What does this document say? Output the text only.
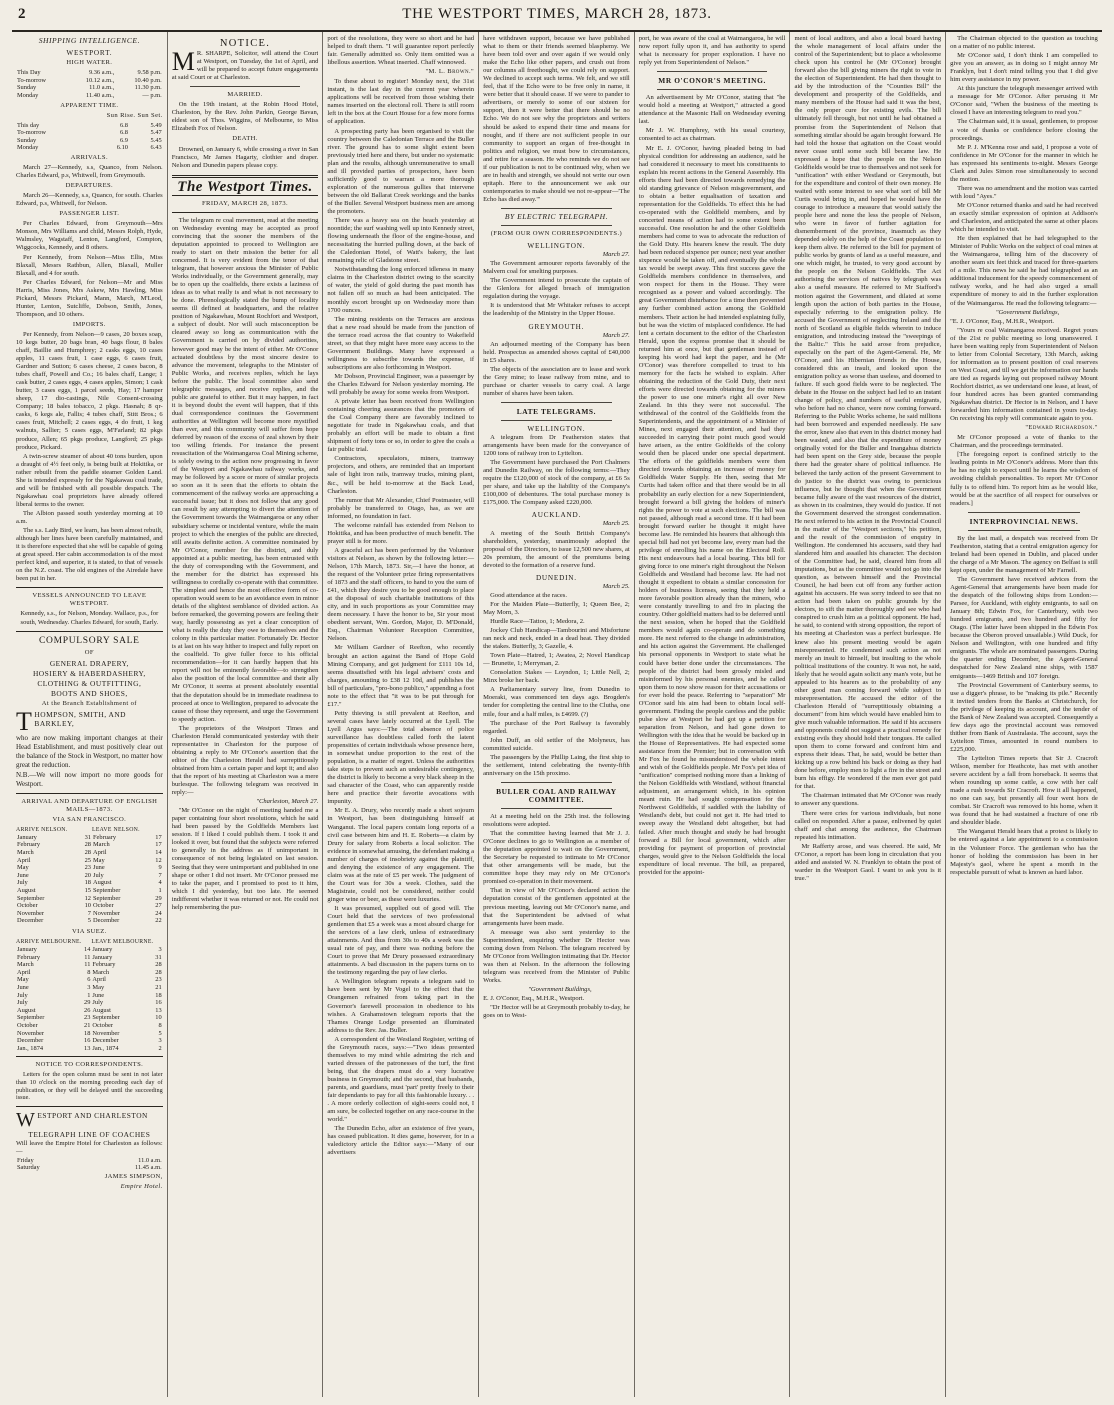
2	THE WESTPORT TIMES, MARCH 28, 1873.
SHIPPING INTELLIGENCE.
WESTPORT.
HIGH WATER.
This Day	9.36 a.m.,	9.58 p.m.
To-morrow	10.12 a.m.,	10.40 p.m.
Sunday	11.0 a.m.,	11.30 p.m.
Monday	11.40 a.m.,	— p.m.
APPARENT TIME.
Sun Rise. Sun Set.
This day	6.8	5.49
To-morrow	6.8	5.47
Sunday	6.9	5.45
Monday	6.10	6.43
ARRIVALS.

March 27—Kennedy, s.s, Quanco, from Nelson. Charles Edward, p.s, Whitwell, from Greymouth.

DEPARTURES.

March 26—Kennedy, s.s, Quanco, for south. Charles Edward, p.s, Whitwell, for Nelson.

PASSENGER LIST.

Per Charles Edward, from Greymouth—Mrs Monson, Mrs Williams and child, Messrs Rolph, Hyde, Walmsley, Wagstaff, Lenton, Langford, Compton, Wiggcocks, Kennedy, and 8 others.

Per Kennedy, from Nelson—Miss Ellis, Miss Blaxall, Messrs Rathbun, Allen, Blaxall, Muller Blaxall, and 4 for south.

Per Charles Edward, for Nelson—Mr and Miss Harris, Miss Jones, Mrs Askew, Mrs Hawling, Miss Pickard, Messrs Pickard, Mann, March, M'Leod, Hunter, Lenton, Sutcliffe, Dobson, Smith, Jones, Thompson, and 10 others.

IMPORTS.

Per Kennedy, from Nelson—9 cases, 20 boxes soap, 10 kegs butter, 20 bags bran, 40 bags flour, 8 bales chaff, Baillie and Humphrey; 2 casks eggs, 10 cases apples, 11 cases fruit, 1 case eggs, 6 cases fruit, Gardner and Sutton; 6 cases cheese, 2 cases bacon, 8 tubes chaff, Powell and Co.; 16 bales chaff, Lange; 1 cask butter, 2 cases eggs, 4 cases apples, Simon; 1 cask butter, 3 cases eggs, 1 parcel seeds, Hay; 17 hamper sheep, 17 dio-castings, Nile Consent-crossing Company; 18 bales tobacco, 2 pkgs. Hasnah; 8 qr-casks, 6 kegs ale, Fallis; 4 tubes chaff, Stitt Bros.; 6 cases fruit, Mitchell; 2 cases eggs, 4 do fruit, 1 keg walnuts, Sallier; 5 cases eggs, M'Farland; 82 pkgs produce, Allen; 65 pkgs produce, Langford; 25 pkgs produce, Pickard.

A twin-screw steamer of about 40 tons burden, upon a draught of 4½ feet only, is being built at Hokitika, or rather rebuilt from the paddle steamer Golden Land. She is intended expressly for the Ngakawau coal trade, and will be finished with all possible despatch. The Ngakawhau coal proprietors have already offered liberal terms to the owner.

The Albion passed south yesterday morning at 10 a.m.

The s.s. Lady Bird, we learn, has been almost rebuilt, although her lines have been carefully maintained, and it is therefore expected that she will be capable of going at great speed. Her cabin accommodation is of the most perfect kind, and superior, it is stated, to that of vessels on the N.Z. coast. The old engines of the Airedale have been put in her.

VESSELS ANNOUNCED TO LEAVE WESTPORT.

Kennedy, s.s., for Nelson, Monday. Wallace, p.s., for south, Wednesday. Charles Edward, for south, Early.

COMPULSORY SALE
OF
GENERAL DRAPERY,
HOSIERY & HABERDASHERY,
CLOTHING & OUTFITTING,
BOOTS AND SHOES,
At the Branch Establishment of
T HOMPSON, SMITH, AND BARKLEY,

who are now making important changes at their Head Establishment, and must positively clear out the balance of the Stock in Westport, no matter how great the reduction.

N.B.—We will now import no more goods for Westport.

ARRIVAL AND DEPARTURE OF ENGLISH MAILS—1873.
VIA SAN FRANCISCO.
ARRIVE NELSON.		LEAVE NELSON.	
January	31	February	17
February	28	March	17
March	28	April	14
April	25	May	12
May	23	June	9
June	20	July	7
July	18	August	4
August	15	September	1
September	12	September	29
October	10	October	27
November	7	November	24
December	5	December	22
VIA SUEZ.
ARRIVE MELBOURNE.		LEAVE MELBOURNE.	
January	14	January	3
February	11	January	31
March	11	February	28
April	8	March	28
May	6	April	23
June	3	May	21
July	1	June	18
July	29	July	16
August	26	August	13
September	23	September	10
October	21	October	8
November	18	November	5
December	16	December	3
Jan., 1874	13	Jan., 1874	2
NOTICE TO CORRESPONDENTS.

Letters for the open column must be sent in not later than 10 o'clock on the morning preceding each day of publication, or they will be delayed until the succeeding issue.

W ESTPORT AND CHARLESTON
TELEGRAPH LINE OF COACHES

Will leave the Empire Hotel for Charleston as follows:—

Friday	11.0 a.m.
Saturday	11.45 a.m.
JAMES SIMPSON,
Empire Hotel.
NOTICE.
M R. SHARPE, Solicitor, will attend the Court at Westport, on Tuesday, the 1st of April, and will be prepared to accept future engagements at said Court or at Charleston.
MARRIED.

On the 19th instant, at the Robin Hood Hotel, Charleston, by the Rev. John Parkin, George Bavan, eldest son of Thos. Wiggins, of Melbourne, to Miss Elizabeth Fox of Nelson.

DEATH.

Drowned, on January 6, while crossing a river in San Francisco, Mr James Hagarty, clothier and draper. Nelson and Dunedin papers please copy.

The Westport Times.
FRIDAY, MARCH 28, 1873.

The telegram re coal movement, read at the meeting on Wednesday evening may be accepted as proof convincing that the sooner the members of the deputation appointed to proceed to Wellington are ready to start on their mission the better for all concerned. It is very evident from the tenor of that telegram, that however anxious the Minister of Public Works individually, or the Government generally, may be to open up the coalfields, there exists a laziness of ideas as to what really is and what is not necessary to be done. Phrenologically stated the bump of locality seems ill defined at headquarters, and the relative position of Ngakawhau, Mount Rochfort and Westport, a subject of doubt. Nor will such misconception be cleared away so long as communication with the Government is carried on by divided authorities, however good may be the intent of either. Mr O'Conor actuated doubtless by the most sincere desire to advance the movement, telegraphs to the Minister of Public Works, and receives replies, which he lays before the public. The local committee also send telegraphic messages, and receive replies, and the public are grateful to either. But it may happen, in fact it is beyond doubt the event will happen, that if this dual correspondence continues the Government authorities at Wellington will become more mystified than ever, and this community will suffer from hope deferred by reason of the excess of zeal shown by their too willing friends. For instance the present resuscitation of the Waimangaroa Coal Mining scheme, is solely owing to the action now progressing in favor of the Westport and Ngakawhau railway works, and may be followed by a score or more of similar projects so soon as it is seen that the efforts to obtain the commencement of the railway works are approaching a successful issue; but it does not follow that any good can result by any attempting to divert the attention of the Government towards the Waimangaroa or any other subsidiary scheme or incidental venture, while the main project to which the energies of the public are directed, still awaits definite action. A committee nominated by Mr O'Conor, member for the district, and duly appointed at a public meeting, has been entrusted with the duty of corresponding with the Government, and the member for the district has expressed his willingness to cordially co-operate with that committee. The simplest and hence the most effective form of co-operation would seem to be an avoidance even in minor details of the slightest semblance of divided action. As before remarked, the governing powers are feeling their way, hardly possessing as yet a clear conception of what is really the duty they owe to themselves and the colony in this particular matter. Fortunately Dr. Hector is at last on his way hither to inspect and fully report on the coalfield. To give fuller force to his official recommendation—for it can hardly happen that his report will not be eminently favorable—to strengthen also the position of the local committee and their ally Mr O'Conor, it seems at present absolutely essential that the deputation should be in immediate readiness to proceed at once to Wellington, prepared to advocate the cause of those they represent, and urge the Government to speedy action.

The proprietors of the Westport Times and Charleston Herald communicated yesterday with their representative in Charleston for the purpose of obtaining a reply to Mr O'Conor's assertion that the editor of the Charleston Herald had surreptitiously obtained from him a certain paper and kept it; and also that the report of his meeting at Charleston was a mere burlesque. The following telegram was received in reply:—

"Charleston, March 27.

"Mr O'Conor on the night of meeting handed me a paper containing four short resolutions, which he said had been passed by the Goldfields Members last session. If I liked I could publish them. I took it and looked it over, but found that the subjects were referred to generally in the address as if unimportant in consequence of not being legislated on last session. Seeing that they were unimportant and published in one shape or other I did not insert. Mr O'Conor pressed me to take the paper, and I promised to post to it him, which I did yesterday, but too late. He seemed indifferent whether it was returned or not. He could not help remembering the pur-

port of the resolutions, they were so short and he had helped to draft them. "I will guarantee report perfectly fair. Generally admitted so. Only item omitted was a libellous assertion. Wheat inserted. Chaff winnowed.

"M. L. Brown."

To these about to register! Monday next, the 31st instant, is the last day in the current year wherein applications will be received from those wishing their names inserted on the electoral roll. There is still room left in the box at the Court House for a few more forms of application.

A prospecting party has been organised to visit the country between the Caledonian Terrace and the Buller river. The ground has to some slight extent been previously tried here and there, but under no systematic plan and the results, although unremunerative to small and ill provided parties of prospectors, have been sufficiently good to warrant a more thorough exploration of the numerous gullies that intervene between the old Ballarat Creek workings and the banks of the Buller. Several Westport business men are among the promoters.

There was a heavy sea on the beach yesterday at noontide; the surf washing well up into Kennedy street, flowing underneath the floor of the engine-house, and necessitating the hurried pulling down, at the back of the Caledonian Hotel, of Watt's bakery, the last remaining relic of Gladstone street.

Notwithstanding the long enforced idleness in many claims in the Charleston district owing to the scarcity of water, the yield of gold during the past month has not fallen off so much as had been anticipated. The monthly escort brought up on Wednesday more than 1700 ounces.

The mining residents on the Terraces are anxious that a new road should be made from the junction of the terrace road across the flat country to Wakefield street, so that they might have more easy access to the Government Buildings. Many have expressed a willingness to subscribe towards the expense, if subscriptions are also forthcoming in Westport.

Mr Dobson, Provincial Engineer, was a passenger by the Charles Edward for Nelson yesterday morning. He will probably be away for some weeks from Westport.

A private letter has been received from Wellington containing cheering assurances that the promoters of the Coal Company there are favorably inclined to negotiate for trade in Ngakawhau coals, and that probably an effort will be made to obtain a first shipment of forty tons or so, in order to give the coals a fair public trial.

Contractors, speculators, miners, tramway projectors, and others, are reminded that an important sale of light iron rails, tramway trucks, mining plant, &c., will be held to-morrow at the Back Lead, Charleston.

The rumor that Mr Alexander, Chief Postmaster, will probably be transferred to Otago, has, as we are informed, no foundation in fact.

The welcome rainfall has extended from Nelson to Hokitika, and has been productive of much benefit. The prayer still is for more.

A graceful act has been performed by the Volunteer visitors at Nelson, as shown by the following letter:—Nelson, 17th March, 1873. Sir,—I have the honor, at the request of the Volunteer prize firing representatives of 1873 and the staff officers, to hand to you the sum of £41, which they desire you to be good enough to place at the disposal of such charitable institutions of this city, and in such proportions as your Committee may deem necessary. I have the honor to be, Sir your most obedient servant, Wm. Gordon, Major, D. M'Donald, Esq., Chairman Volunteer Reception Committee, Nelson.

Mr William Gardner of Reefton, who recently brought an action against the Band of Hope Gold Mining Company, and got judgment for £111 10s 1d, seems dissatisfied with his legal advisers' costs and charges, amounting to £38 12 10d, and publishes the bill of particulars, "pro-bono publico," appending a foot note to the effect that "it was to be put through for £17."

Petty thieving is still prevalent at Reefton, and several cases have lately occurred at the Lyell. The Lyell Argus says:—The total absence of police surveillance has doubtless called forth the latent propensities of certain individuals whose presence here, in somewhat undue proportion to the rest of the population, is a matter of regret. Unless the authorities take steps to prevent such an undesirable contingency, the district is likely to become a very black sheep in the sad character of the Coast, who can apparently reside here and practice their favorite avocations with impunity.

Mr E. A. Drury, who recently made a short sojourn in Westport, has been distinguishing himself at Wanganui. The local papers contain long reports of a civil case between him and H. E. Roberts—a claim by Drury for salary from Roberts a local solicitor. The evidence in somewhat amusing, the defendant making a number of charges of insobriety against the plaintiff, and denying the existence of any engagement. The claim was at the rate of £5 per week. The judgment of the Court was for 30s a week. Clothes, said the Magistrate, could not be considered, neither could ginger wine or beer, as these were luxuries.

It was presumed, supplied out of good will. The Court held that the services of two professional gentlemen that £5 a week was a most absurd charge for the services of a law clerk, unless of extraordinary attainments. And thus from 30s to 40s a week was the usual rate of pay, and there was nothing before the Court to prove that Mr Drury possessed extraordinary attainments. A bad discussion in the papers turns on to the testimony regarding the pay of law clerks.

A Wellington telegram repeats a telegram said to have been sent by Mr Vogel to the effect that the Orangemen refrained from taking part in the Governor's farewell procession in obedience to his wishes. A Grahamstown telegram reports that the Thames Orange Lodge presented an illuminated address to the Rev. Jas. Buller.

A correspondent of the Westland Register, writing of the Greymouth races, says:—"Two ideas presented themselves to my mind while admiring the rich and varied dresses of the patronesses of the turf, the first being, that the drapers must do a very lucrative business in Greymouth; and the second, that husbands, parents, and guardians, must 'part' pretty freely to their fair dependants to pay for all this fashionable luxury. . . . A more orderly collection of sight-seers could not, I am sure, be collected together on any race-course in the world."

The Dunedin Echo, after an existence of five years, has ceased publication. It dies game, however, for in a valedictory article the Editor says:—"Many of our advertisers

have withdrawn support, because we have published what to them or their friends seemed blasphemy. We have been told over and over again if we would only make the Echo like other papers, and crush out from our columns all freethought, we could rely on support. We declined to accept such terms. We felt, and we still feel, that if the Echo were to be free only in name, it were better that it should cease. If we were to pander to advertisers, or merely to some of our sixteen for support, then it were better that there should be no Echo. We do not see why the proprietors and writers should be asked to expend their time and means for nought, and if there are not sufficient people in our community to support an organ of free-thought in politics and religion, we must bow to circumstances, and retire for a season. He who reminds we do not see if our publication is not to be continued why, when we are in health and strength, we should not write our own epitaph. Here to the announcement we ask our contemporaries to make should we not re-appear—'The Echo has died away.'"

BY ELECTRIC TELEGRAPH.
(FROM OUR OWN CORRESPONDENTS.)
WELLINGTON.

March 27.

The Government armourer reports favorably of the Malvern coal for smelting purposes.

The Government intend to prosecute the captain of the Glenlora for alleged breach of immigration regulation during the voyage.

It is understood that Mr Whitaker refuses to accept the leadership of the Ministry in the Upper House.

GREYMOUTH.

March 27.

An adjourned meeting of the Company has been held. Prospectus as amended shows capital of £40,000 in £5 shares.

The objects of the association are to lease and work the Grey mine; to lease railway from mine, and to purchase or charter vessels to carry coal. A large number of shares have been taken.

LATE TELEGRAMS.
WELLINGTON.

A telegram from Dr Featherston states that arrangements have been made for the conveyance of 1200 tons of railway iron to Lyttelton.

The Government have purchased the Port Chalmers and Dunedin Railway, on the following terms:—They require the £120,000 of stock of the company, at £6 5s per share, and take up the liability of the Company's £100,000 of debentures. The total purchase money is £175,000. The Company asked £220,000.

AUCKLAND.

March 25.

A meeting of the South British Company's shareholders, yesterday, unanimously adopted the proposal of the Directors, to issue 12,500 new shares, at 20s premium, the amount of the premiums being devoted to the formation of a reserve fund.

DUNEDIN.

March 25.

Good attendance at the races.

For the Maiden Plate—Butterfly, 1; Queen Bee, 2; May Morn, 3.

Hurdle Race—Tattoo, 1; Medora, 2.

Jockey Club Handicap—Tambourini and Misfortune ran neck and neck, ended in a dead heat. They divided the stakes. Butterfly, 3; Gazelle, 4.

Town Plate—Hatred, 1; Awatea, 2; Novel Handicap — Brunette, 1; Merryman, 2.

Consolation Stakes — Loyndon, 1; Little Nell, 2; Minx broke her back.

A Parliamentary survey line, from Dunedin to Moeraki, was commenced ten days ago. Brogden's tender for completing the central line to the Clutha, one mile, four and a half miles, is £4699. (?)

The purchase of the Port Railway is favorably regarded.

John Duff, an old settler of the Molyneux, has committed suicide.

The passengers by the Phillip Laing, the first ship to the settlement, intend celebrating the twenty-fifth anniversary on the 15th proximo.

BULLER COAL AND RAILWAY COMMITTEE.

At a meeting held on the 25th inst. the following resolutions were adopted.

That the committee having learned that Mr J. J. O'Conor declines to go to Wellington as a member of the deputation appointed to wait on the Government, the Secretary be requested to intimate to Mr O'Conor that other arrangements will be made, but the committee hope they may rely on Mr O'Conor's promised co-operation in their movement.

That in view of Mr O'Conor's declared action the deputation consist of the gentlemen appointed at the previous meeting, leaving out Mr O'Conor's name, and that the Superintendent be advised of what arrangements have been made.

A message was also sent yesterday to the Superintendent, enquiring whether Dr Hector was coming down from Nelson. The telegram received by Mr O'Conor from Wellington intimating that Dr. Hector was then at Nelson. In the afternoon the following telegram was received from the Minister of Public Works.

"Government Buildings,

E. J. O'Conor, Esq., M.H.R., Westport.

"Dr Hector will be at Greymouth probably to-day, he goes on to West-

port, he was aware of the coal at Waimangaroa, he will now report fully upon it, and has authority to spend what is necessary for proper exploration. I have no reply yet from Superintendent of Nelson."

MR O'CONOR'S MEETING.

An advertisement by Mr O'Conor, stating that "he would hold a meeting at Westport," attracted a good attendance at the Masonic Hall on Wednesday evening last.

Mr J. W. Humphrey, with his usual courtesy, consented to act as chairman.

Mr E. J. O'Conor, having pleaded being in bad physical condition for addressing an audience, said he had considered it necessary to meet his constituents to explain his recent actions in the General Assembly. His efforts there had been directed towards remedying the old standing grievance of Nelson misgovernment, and to obtain a better equalisation of taxation and representation for the Goldfields. To effect this he had co-operated with the Goldfield members, and by concerted means of action had to some extent been successful. One resolution he and the other Goldfields members had come to was to advocate the reduction of the Gold Duty. His hearers knew the result. The duty had been reduced sixpence per ounce; next year another sixpence would be taken off, and eventually the whole tax would be swept away. This first success gave the Goldfields members confidence in themselves, and won respect for them in the House. They were recognised as a power and valued accordingly. The great Government disturbance for a time then prevented any further combined action among the Goldfield members. Their action he had intended explaining fully, but he was the victim of misplaced confidence. He had lent a certain document to the editor of the Charleston Herald, upon the express promise that it should be returned him at once, but that gentleman instead of keeping his word had kept the paper, and he (Mr O'Conor) was therefore compelled to trust to his memory for the facts he wished to explain. After obtaining the reduction of the Gold Duty, their next efforts were directed towards obtaining for the miners the power to use one miner's right all over New Zealand. In this they were not successful. The withdrawal of the control of the Goldfields from the Superintendents, and the appointment of a Minister of Mines, next engaged their attention, and had they succeeded in carrying their point much good would have arisen, as the entire Goldfields of the colony would then be placed under one special department. The efforts of the goldfields members were then directed towards obtaining an increase of money for Goldfields Water Supply. He then, seeing that Mr Curtis had taken office and that there would be in all probability an early election for a new Superintendent, brought forward a bill giving the holders of miner's rights the power to vote at such elections. The bill was not passed, although read a second time. If it had been brought forward earlier he thought it might have become law. He reminded his hearers that although this special bill had not yet become law, every man had the privilege of enrolling his name on the Electoral Roll. His next endeavours had a local bearing. This bill for giving force to one miner's right throughout the Nelson Goldfields and Westland had become law. He had not thought it expedient to obtain a similar concession for holders of business licenses, seeing that they held a more favorable position already than the miners, who were constantly travelling to and fro in placing the country. Other goldfield matters had to be deferred until the next session, when he hoped that the Goldfield members would again co-operate and do something more. He next referred to the change in administration, and his action against the Government. He challenged his personal opponents in Westport to state what he could have better done under the circumstances. The people of the district had been grossly misled and misinformed by his personal enemies, and he called upon them to now show reason for their accusations or for ever hold the peace. Referring to "separation" Mr O'Conor said his aim had been to obtain local self-government. Finding the people careless and the public pulse slow at Westport he had got up a petition for separation from Nelson, and had gone down to Wellington with the idea that he would be backed up in the House of Representatives. He had expected some assistance from the Premier; but in conversation with Mr Fox he found he misunderstood the whole intent and wish of the Goldfields people. Mr Fox's pet idea of "unification" comprised nothing more than a linking of the Nelson Goldfields with Westland, without financial adjustment, an arrangement which, in his opinion meant ruin. He had sought compensation for the Northwest Goldfields, if saddled with the liability of Westland's debt, but could not get it. He had tried to sweep away the Westland debt altogether, but had failed. After much thought and study he had brought forward a Bill for local government, which after providing for payment of proportion of provincial charges, would give to the Nelson Goldfields the local expenditure of local revenue. The bill, as prepared, provided for the appoint-

ment of local auditors, and also a local board having the whole management of local affairs under the control of the Superintendent; but to place a wholesome check upon his control he (Mr O'Conor) brought forward also the bill giving miners the right to vote in the election of Superintendent. He had then thought to aid by the introduction of the "Counties Bill" the development and prosperity of the Goldfields, and many members of the House had said it was the best, the only proper cure for existing evils. The bill ultimately fell through, but not until he had obtained a promise from the Superintendent of Nelson that something similar should be again brought forward. He had told the house that agitation on the Coast would never cease until some such bill became law. He expressed a hope that the people on the Nelson Goldfields would be true to themselves and not seek for "unification" with either Westland or Greymouth, but for the expenditure and control of their own money. He waited with some interest to see what sort of bill Mr Curtis would bring in, and hoped he would have the courage to introduce a measure that would satisfy the people here and none the less the people of Nelson, who were in favor of further agitation for dismemberment of the province, inasmuch as they depended solely on the help of the Coast population to keep them alive. He referred to the bill for payment of public works by grants of land as a useful measure, and one which might, he trusted, to very good account by the people on the Nelson Goldfields. The Act authorising the services of natives by telegraph was also a useful measure. He referred to Mr Stafford's motion against the Government, and dilated at some length upon the action of both parties in the House, especially referring to the emigration policy. He accused the Government of neglecting Ireland and the north of Scotland as eligible fields wherein to induce emigration, and introducing instead the "sweepings of the Baltic." This he said arose from prejudice, especially on the part of the Agent-General. He, Mr O'Conor, and his Hibernian friends in the House, considered this an insult, and looked upon the emigration policy as worse than useless, and doomed to failure. If such good fields were to be neglected. The debate in the House on the subject had led to an instant change of policy, and numbers of useful emigrants, who before had no chance, were now coming forward. Referring to the Public Works scheme, he said millions had been borrowed and expended needlessly. He saw the error, knew also that even in this district money had been wasted, and also that the expenditure of money originally voted for the Buller and Inangahua districts had been spent on the Grey side, because the people there had the greater share of political influence. He believed the tardy action of the present Government to do justice to the district was owing to pernicious influence, but he thought that when the Government became fully aware of the vast resources of the district, as shown in its coalmines, they would do justice. If not the Government deserved the strongest condemnation. He next referred to his action in the Provincial Council in the matter of the "Westport sections," his petition, and the result of the commission of enquiry in Wellington. He condemned his accusers, said they had slandered him and assailed his character. The decision of the Committee had, he said, cleared him from all imputations, but as the committee would not go into the question, as between himself and the Provincial Council, he had been cut off from any further action against his accusers. He was sorry indeed to see that no action had been taken on public grounds by the electors, to sift the matter thoroughly and see who had conspired to crush him as a political opponent. He had, he said, to contend with strong opposition, the report of his meeting at Charleston was a perfect burlesque. He knew also his present meeting would be again misrepresented. He condemned such action as not merely an insult to himself, but insulting to the whole political institutions of the country. It was not, he said, likely that he would again solicit any man's vote, but he appealed to his hearers as to the probability of any other good man coming forward while subject to misrepresentation. He accused the editor of the Charleston Herald of "surreptitiously obtaining a document" from him which would have enabled him to give much valuable information. He said if his accusers and opponents could not suggest a practical remedy for existing evils they should hold their tongues. He called upon them to come forward and confront him and express their ideas. That, he said, would be better than kicking up a row behind his back or doing as they had done before, employ men to light a fire in the street and burn his effigy. He wondered if the men ever got paid for that.

The Chairman intimated that Mr O'Conor was ready to answer any questions.

There were cries for various individuals, but none called on responded. After a pause, enlivened by quiet chaff and chat among the audience, the Chairman repeated his intimation.

Mr Rafferty arose, and was cheered. He said, Mr O'Conor, a report has been long in circulation that you aided and assisted W. N. Franklyn to obtain the post of warder in the Westport Gaol. I want to ask you is it true."

The Chairman objected to the question as touching on a matter of no public interest.

Mr O'Conor said, I don't think I am compelled to give you an answer, as in doing so I might annoy Mr Franklyn, but I don't mind telling you that I did give him every assistance in my power.

At this juncture the telegraph messenger arrived with a message for Mr O'Conor. After perusing it Mr O'Conor said, "When the business of the meeting is closed I have an interesting telegram to read you."

The Chairman said, it is usual, gentlemen, to propose a vote of thanks or confidence before closing the proceedings.

Mr P. J. M'Kenna rose and said, I propose a vote of confidence in Mr O'Conor for the manner in which he has expressed his sentiments to-night. Messrs George Clark and Jules Simon rose simultaneously to second the motion.

There was no amendment and the motion was carried with loud "Ayes."

Mr O'Conor returned thanks and said he had received an exactly similar expression of opinion at Addison's and Charleston, and anticipated the same at other places which he intended to visit.

He then explained that he had telegraphed to the Minister of Public Works on the subject of coal mines at the Waimangaroa, telling him of the discovery of another seam six feet thick and traced for three-quarters of a mile. This news he said he had telegraphed as an additional inducement for the speedy commencement of railway works, and he had also urged a small expenditure of money to aid in the further exploration of the Waimangaroa. He read the following telegram:—

"Government Buildings,

"E. J. O'Conor, Esq., M.H.R., Westport.

"Yours re coal Waimangaroa received. Regret yours of the 21st re public meeting so long unanswered. I have been waiting reply from Superintendent of Nelson to letter from Colonial Secretary, 13th March, asking for information as to present position of coal reserves on West Coast, and till we get the information our hands are tied as regards laying out proposed railway Mount Rochfort district, as we understand one lease, at least, of four hundred acres has been granted commanding Ngakawhau district. Dr Hector is in Nelson, and I have forwarded him information contained in yours to-day. On receiving his reply will communicate again to you.

"Edward Richardson."

Mr O'Conor proposed a vote of thanks to the Chairman, and the proceedings terminated.

[The foregoing report is confined strictly to the leading points in Mr O'Conor's address. More than this he has no right to expect until he learns the wisdom of avoiding childish personalities. To report Mr O'Conor fully is to offend him. To report him as he would like, would be at the sacrifice of all respect for ourselves or readers.]

INTERPROVINCIAL NEWS.

By the last mail, a despatch was received from Dr Featherston, stating that a central emigration agency for Ireland had been opened in Dublin, and placed under the charge of a Mr Mason. The agency on Belfast is still kept open, under the management of Mr Farnell.

The Government have received advices from the Agent-General that arrangements have been made for the despatch of the following ships from London:—Parsee, for Auckland, with eighty emigrants, to sail on January 8th; Edwin Fox, for Canterbury, with two hundred emigrants, and two hundred and fifty for Otago. (The latter have been shipped in the Edwin Fox because the Oberon proved unsailable.) Wild Duck, for Nelson and Wellington, with one hundred and fifty emigrants. The whole are nominated passengers. During the quarter ending December, the Agent-General despatched for New Zealand nine ships, with 1587 emigrants—1469 British and 107 foreign.

The Provincial Government of Canterbury seems, to use a digger's phrase, to be "making its pile." Recently it invited tenders from the Banks at Christchurch, for the privilege of keeping its account, and the tender of the Bank of New Zealand was accepted. Consequently a few days ago the provincial account was removed thither from Bank of Australasia. The account, says the Lyttelton Times, amounted in round numbers to £225,000.

The Lyttelton Times reports that Sir J. Cracroft Wilson, member for Heathcote, has met with another severe accident by a fall from horseback. It seems that when rounding up some cattle, a cow with her calf made a rush towards Sir Cracroft. How it all happened, no one can say, but presently all four went hors de combat. Sir Cracroft was removed to his home, when it was found that he had sustained a fracture of one rib and shoulder blade.

The Wanganui Herald hears that a protest is likely to be entered against a late appointment to a commission in the Volunteer Force. The gentleman who has the honor of holding the commission has been in her Majesty's gaol, where he spent a month in the respectable pursuit of what is known as hard labor.
